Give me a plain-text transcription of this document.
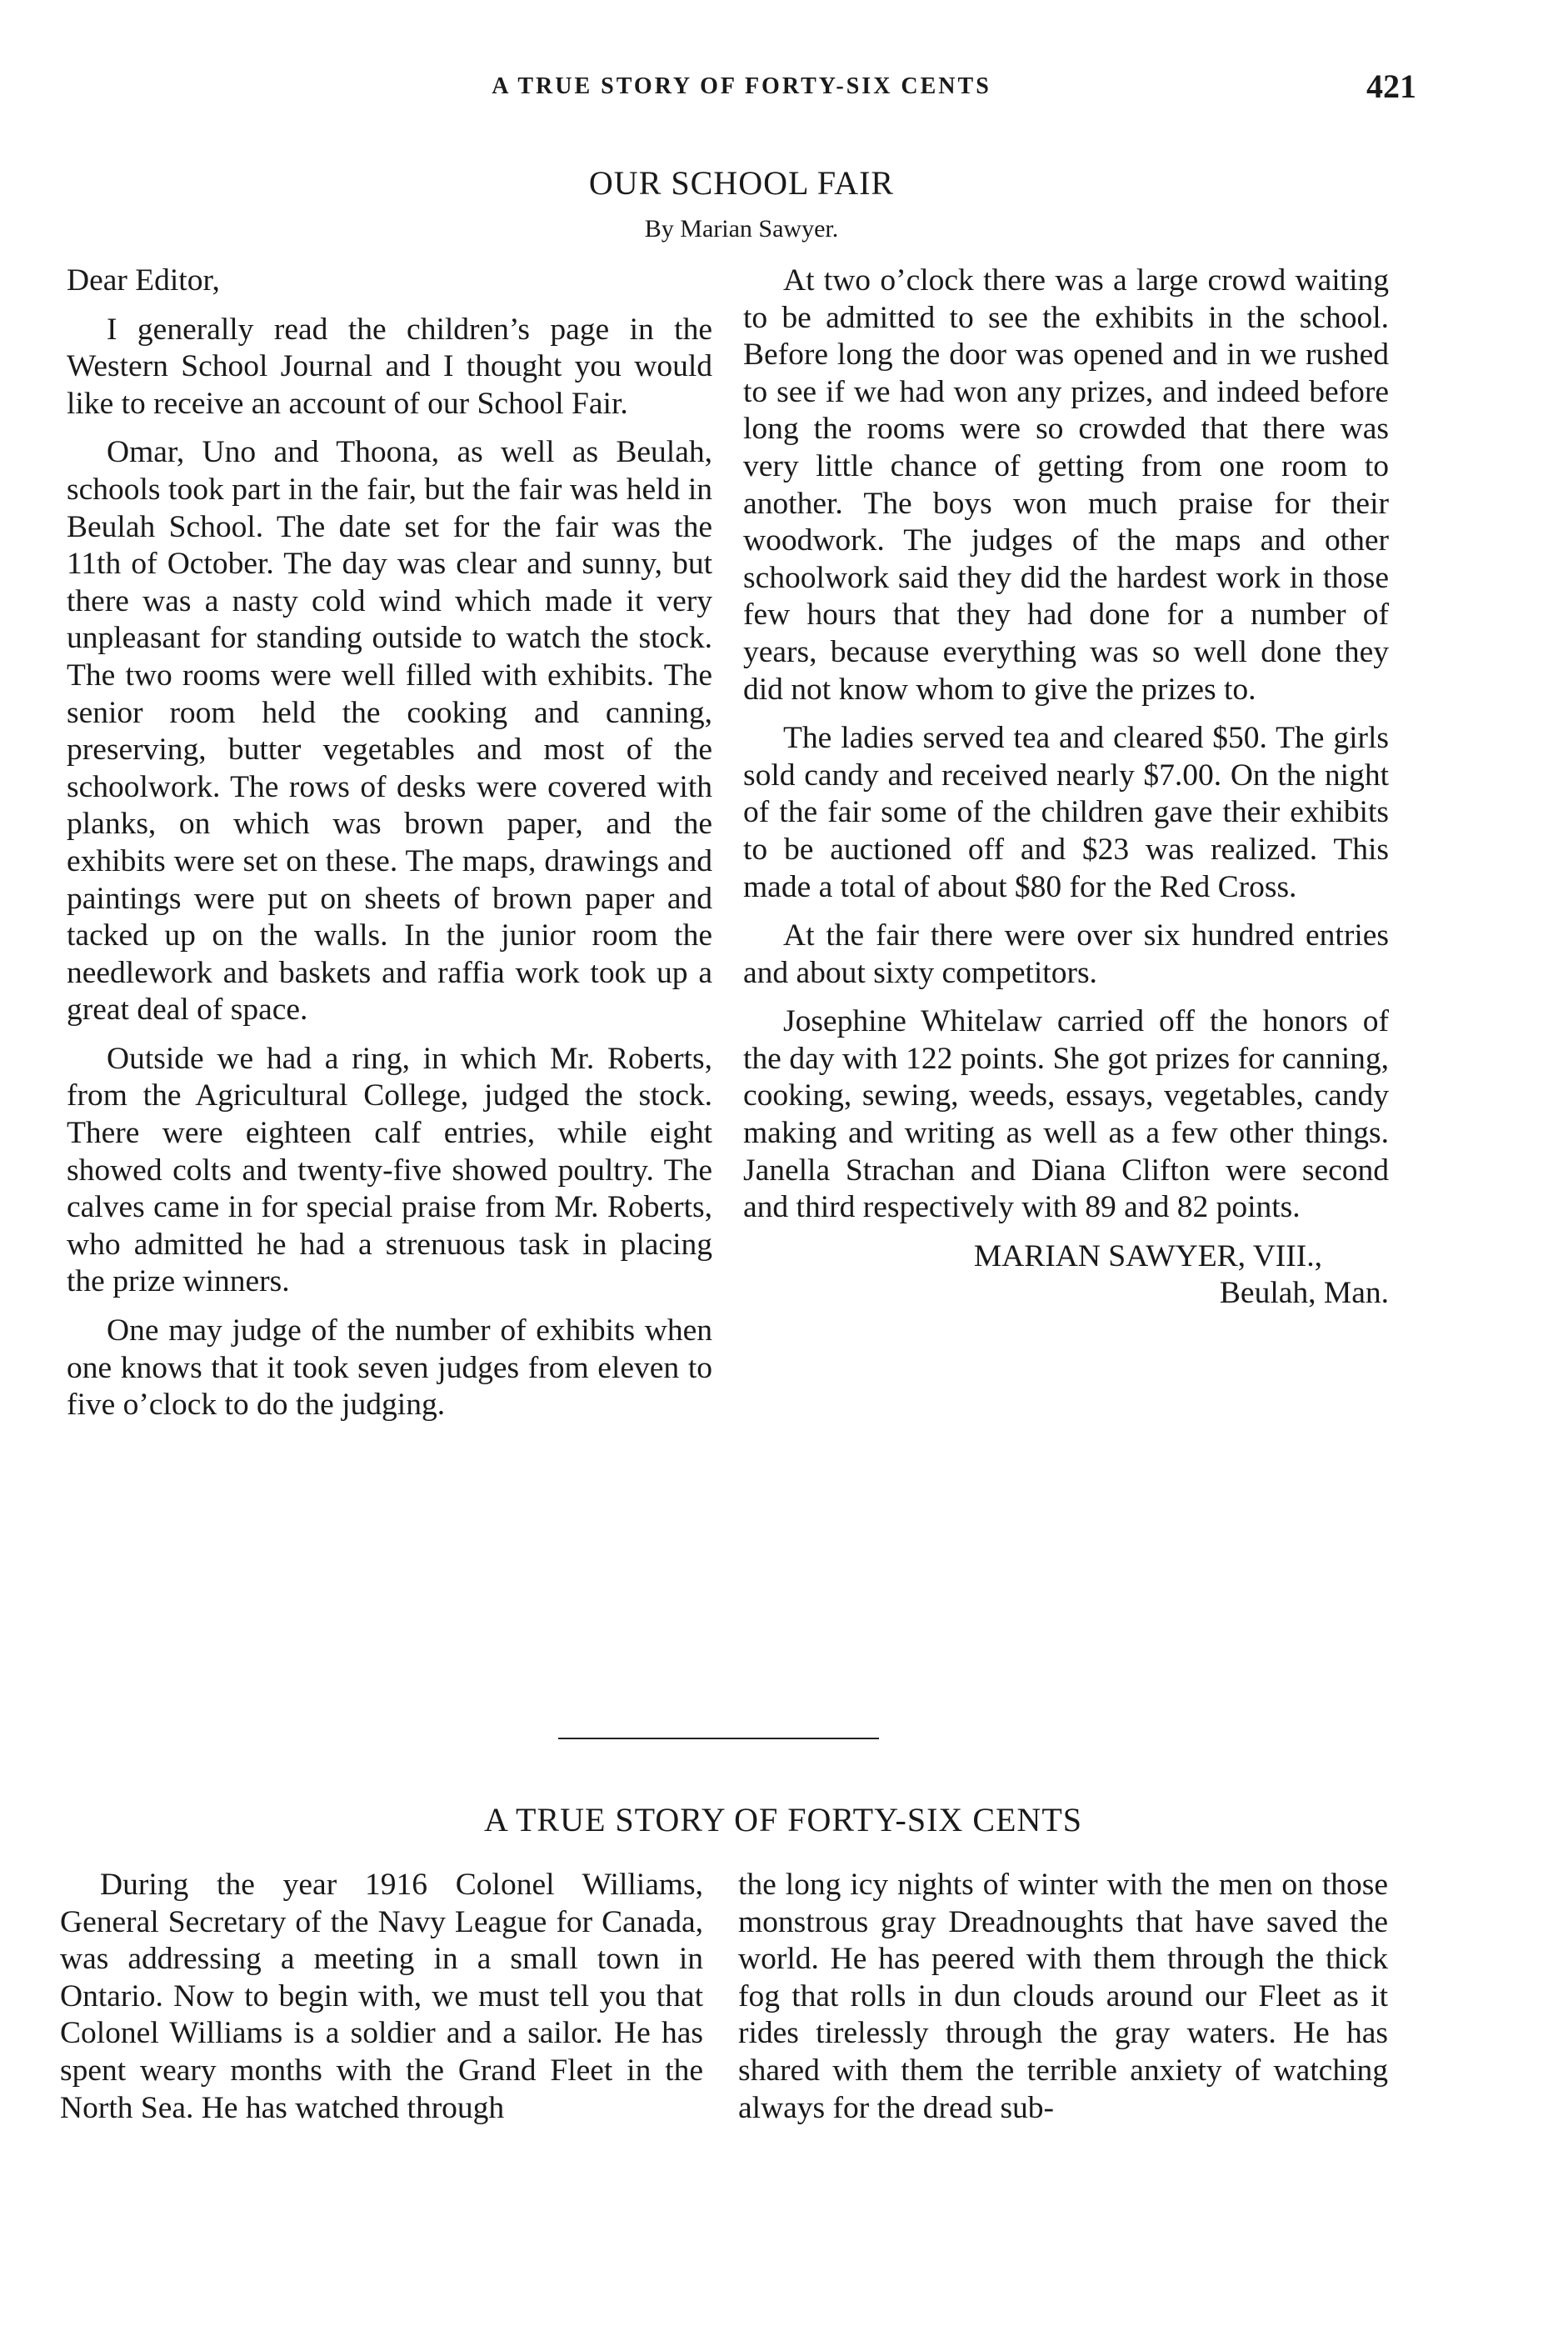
A TRUE STORY OF FORTY-SIX CENTS	421
OUR SCHOOL FAIR
By Marian Sawyer.

Dear Editor,

I generally read the children’s page in the Western School Journal and I thought you would like to receive an account of our School Fair.

Omar, Uno and Thoona, as well as Beulah, schools took part in the fair, but the fair was held in Beulah School. The date set for the fair was the 11th of October. The day was clear and sunny, but there was a nasty cold wind which made it very unpleasant for standing outside to watch the stock. The two rooms were well filled with exhibits. The senior room held the cooking and canning, preserving, butter vegetables and most of the schoolwork. The rows of desks were covered with planks, on which was brown paper, and the exhibits were set on these. The maps, drawings and paintings were put on sheets of brown paper and tacked up on the walls. In the junior room the needlework and baskets and raffia work took up a great deal of space.

Outside we had a ring, in which Mr. Roberts, from the Agricultural College, judged the stock. There were eighteen calf entries, while eight showed colts and twenty-five showed poultry. The calves came in for special praise from Mr. Roberts, who admitted he had a strenuous task in placing the prize winners.

One may judge of the number of exhibits when one knows that it took seven judges from eleven to five o’clock to do the judging.

At two o’clock there was a large crowd waiting to be admitted to see the exhibits in the school. Before long the door was opened and in we rushed to see if we had won any prizes, and indeed before long the rooms were so crowded that there was very little chance of getting from one room to another. The boys won much praise for their woodwork. The judges of the maps and other schoolwork said they did the hardest work in those few hours that they had done for a number of years, because everything was so well done they did not know whom to give the prizes to.

The ladies served tea and cleared $50. The girls sold candy and received nearly $7.00. On the night of the fair some of the children gave their exhibits to be auctioned off and $23 was realized. This made a total of about $80 for the Red Cross.

At the fair there were over six hundred entries and about sixty competitors.

Josephine Whitelaw carried off the honors of the day with 122 points. She got prizes for canning, cooking, sewing, weeds, essays, vegetables, candy making and writing as well as a few other things. Janella Strachan and Diana Clifton were second and third respectively with 89 and 82 points.

MARIAN SAWYER, VIII.,

Beulah, Man.

A TRUE STORY OF FORTY-SIX CENTS

During the year 1916 Colonel Williams, General Secretary of the Navy League for Canada, was addressing a meeting in a small town in Ontario. Now to begin with, we must tell you that Colonel Williams is a soldier and a sailor. He has spent weary months with the Grand Fleet in the North Sea. He has watched through

the long icy nights of winter with the men on those monstrous gray Dreadnoughts that have saved the world. He has peered with them through the thick fog that rolls in dun clouds around our Fleet as it rides tirelessly through the gray waters. He has shared with them the terrible anxiety of watching always for the dread sub-
